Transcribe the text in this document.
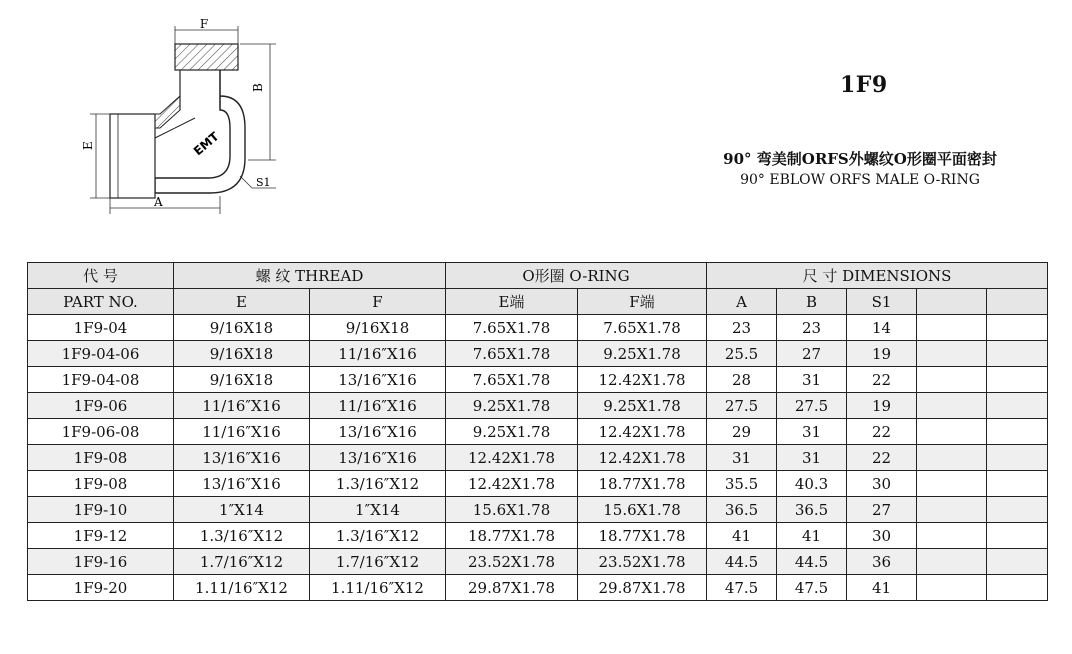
F
EMT
B
E
A
S1
1F9
90° 弯美制ORFS外螺纹O形圈平面密封
90° EBLOW ORFS MALE O-RING
代 号	螺 纹 THREAD		O形圈 O-RING		尺 寸 DIMENSIONS				
PART NO.	E	F	E端	F端	A	B	S1		
1F9-04	9/16X18	9/16X18	7.65X1.78	7.65X1.78	23	23	14		
1F9-04-06	9/16X18	11/16″X16	7.65X1.78	9.25X1.78	25.5	27	19		
1F9-04-08	9/16X18	13/16″X16	7.65X1.78	12.42X1.78	28	31	22		
1F9-06	11/16″X16	11/16″X16	9.25X1.78	9.25X1.78	27.5	27.5	19		
1F9-06-08	11/16″X16	13/16″X16	9.25X1.78	12.42X1.78	29	31	22		
1F9-08	13/16″X16	13/16″X16	12.42X1.78	12.42X1.78	31	31	22		
1F9-08	13/16″X16	1.3/16″X12	12.42X1.78	18.77X1.78	35.5	40.3	30		
1F9-10	1″X14	1″X14	15.6X1.78	15.6X1.78	36.5	36.5	27		
1F9-12	1.3/16″X12	1.3/16″X12	18.77X1.78	18.77X1.78	41	41	30		
1F9-16	1.7/16″X12	1.7/16″X12	23.52X1.78	23.52X1.78	44.5	44.5	36		
1F9-20	1.11/16″X12	1.11/16″X12	29.87X1.78	29.87X1.78	47.5	47.5	41		
